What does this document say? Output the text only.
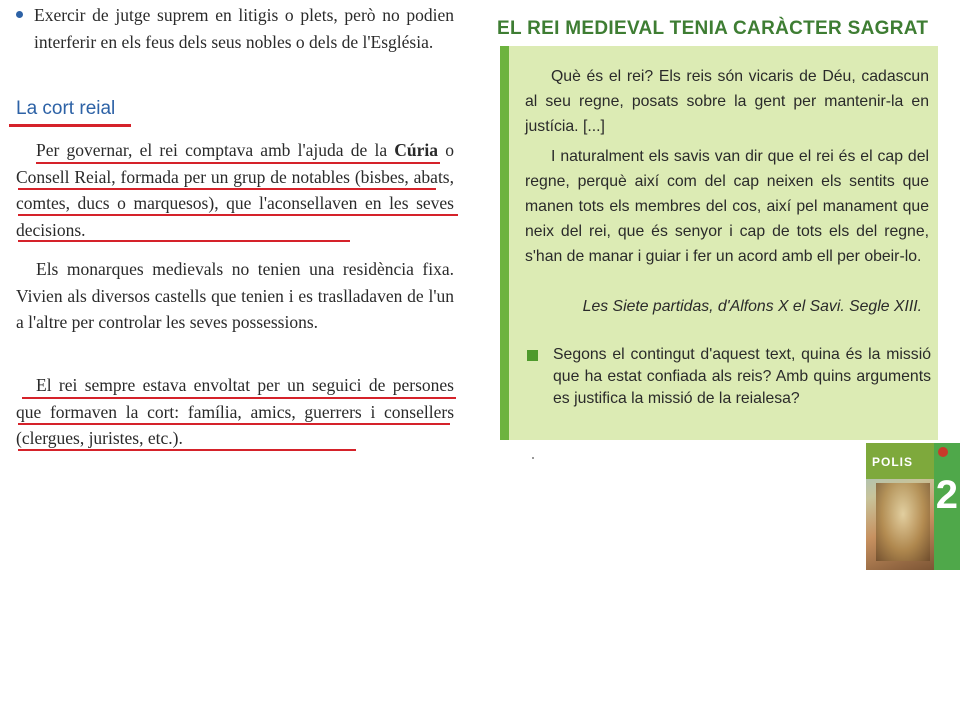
Exercir de jutge suprem en litigis o plets, però no podien interferir en els feus dels seus nobles o dels de l'Església.

La cort reial

Per governar, el rei comptava amb l'ajuda de la Cúria o Consell Reial, formada per un grup de notables (bisbes, abats, comtes, ducs o marquesos), que l'aconsellaven en les seves decisions.

Els monarques medievals no tenien una residència fixa. Vivien als diversos castells que tenien i es traslladaven de l'un a l'altre per controlar les seves possessions.

El rei sempre estava envoltat per un seguici de persones que formaven la cort: família, amics, guerrers i consellers (clergues, juristes, etc.).

EL REI MEDIEVAL TENIA CARÀCTER SAGRAT

Què és el rei? Els reis són vicaris de Déu, cadascun al seu regne, posats sobre la gent per mantenir-la en justícia. [...]

I naturalment els savis van dir que el rei és el cap del regne, perquè així com del cap neixen els sentits que manen tots els membres del cos, així pel manament que neix del rei, que és senyor i cap de tots els del regne, s'han de manar i guiar i fer un acord amb ell per obeir-lo.

Les Siete partidas, d'Alfons X el Savi. Segle XIII.

Segons el contingut d'aquest text, quina és la missió que ha estat confiada als reis? Amb quins arguments es justifica la missió de la reialesa?

POLIS

2
